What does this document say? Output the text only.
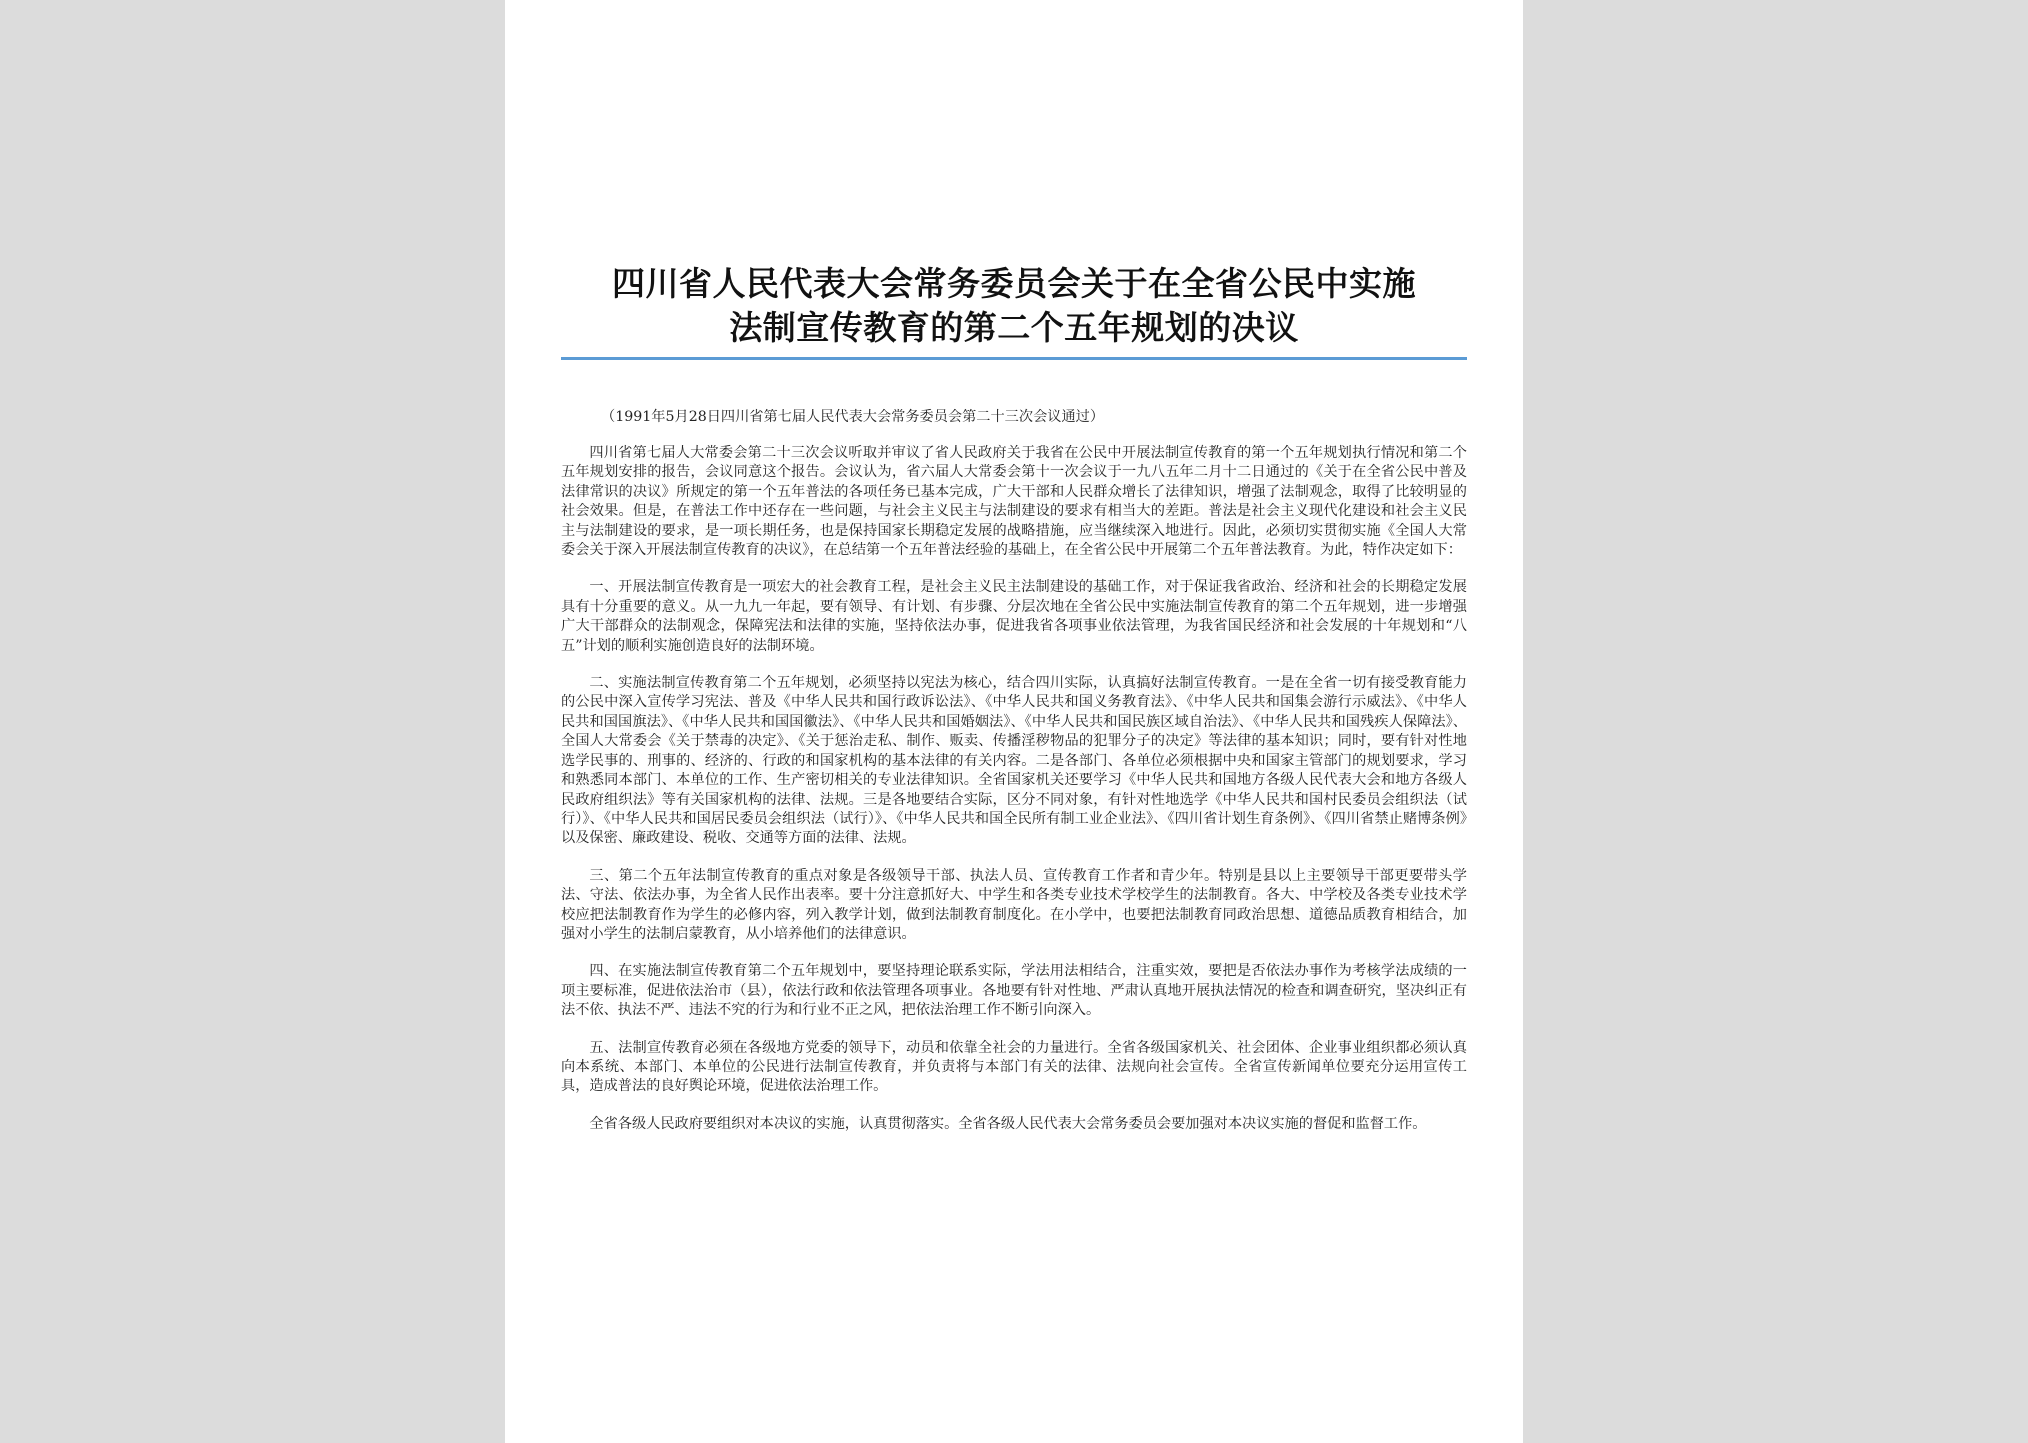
四川省人民代表大会常务委员会关于在全省公民中实施
法制宣传教育的第二个五年规划的决议
（1991年5月28日四川省第七届人民代表大会常务委员会第二十三次会议通过）

四川省第七届人大常委会第二十三次会议听取并审议了省人民政府关于我省在公民中开展法制宣传教育的第一个五年规划执行情况和第二个五年规划安排的报告，会议同意这个报告。会议认为，省六届人大常委会第十一次会议于一九八五年二月十二日通过的《关于在全省公民中普及法律常识的决议》所规定的第一个五年普法的各项任务已基本完成，广大干部和人民群众增长了法律知识，增强了法制观念，取得了比较明显的社会效果。但是，在普法工作中还存在一些问题，与社会主义民主与法制建设的要求有相当大的差距。普法是社会主义现代化建设和社会主义民主与法制建设的要求，是一项长期任务，也是保持国家长期稳定发展的战略措施，应当继续深入地进行。因此，必须切实贯彻实施《全国人大常委会关于深入开展法制宣传教育的决议》，在总结第一个五年普法经验的基础上，在全省公民中开展第二个五年普法教育。为此，特作决定如下：

一、开展法制宣传教育是一项宏大的社会教育工程，是社会主义民主法制建设的基础工作，对于保证我省政治、经济和社会的长期稳定发展具有十分重要的意义。从一九九一年起，要有领导、有计划、有步骤、分层次地在全省公民中实施法制宣传教育的第二个五年规划，进一步增强广大干部群众的法制观念，保障宪法和法律的实施，坚持依法办事，促进我省各项事业依法管理，为我省国民经济和社会发展的十年规划和“八五”计划的顺利实施创造良好的法制环境。

二、实施法制宣传教育第二个五年规划，必须坚持以宪法为核心，结合四川实际，认真搞好法制宣传教育。一是在全省一切有接受教育能力的公民中深入宣传学习宪法、普及《中华人民共和国行政诉讼法》、《中华人民共和国义务教育法》、《中华人民共和国集会游行示威法》、《中华人民共和国国旗法》、《中华人民共和国国徽法》、《中华人民共和国婚姻法》、《中华人民共和国民族区域自治法》、《中华人民共和国残疾人保障法》、全国人大常委会《关于禁毒的决定》、《关于惩治走私、制作、贩卖、传播淫秽物品的犯罪分子的决定》等法律的基本知识；同时，要有针对性地选学民事的、刑事的、经济的、行政的和国家机构的基本法律的有关内容。二是各部门、各单位必须根据中央和国家主管部门的规划要求，学习和熟悉同本部门、本单位的工作、生产密切相关的专业法律知识。全省国家机关还要学习《中华人民共和国地方各级人民代表大会和地方各级人民政府组织法》等有关国家机构的法律、法规。三是各地要结合实际，区分不同对象，有针对性地选学《中华人民共和国村民委员会组织法（试行）》、《中华人民共和国居民委员会组织法（试行）》、《中华人民共和国全民所有制工业企业法》、《四川省计划生育条例》、《四川省禁止赌博条例》以及保密、廉政建设、税收、交通等方面的法律、法规。

三、第二个五年法制宣传教育的重点对象是各级领导干部、执法人员、宣传教育工作者和青少年。特别是县以上主要领导干部更要带头学法、守法、依法办事，为全省人民作出表率。要十分注意抓好大、中学生和各类专业技术学校学生的法制教育。各大、中学校及各类专业技术学校应把法制教育作为学生的必修内容，列入教学计划，做到法制教育制度化。在小学中，也要把法制教育同政治思想、道德品质教育相结合，加强对小学生的法制启蒙教育，从小培养他们的法律意识。

四、在实施法制宣传教育第二个五年规划中，要坚持理论联系实际，学法用法相结合，注重实效，要把是否依法办事作为考核学法成绩的一项主要标准，促进依法治市（县），依法行政和依法管理各项事业。各地要有针对性地、严肃认真地开展执法情况的检查和调查研究，坚决纠正有法不依、执法不严、违法不究的行为和行业不正之风，把依法治理工作不断引向深入。

五、法制宣传教育必须在各级地方党委的领导下，动员和依靠全社会的力量进行。全省各级国家机关、社会团体、企业事业组织都必须认真向本系统、本部门、本单位的公民进行法制宣传教育，并负责将与本部门有关的法律、法规向社会宣传。全省宣传新闻单位要充分运用宣传工具，造成普法的良好舆论环境，促进依法治理工作。

全省各级人民政府要组织对本决议的实施，认真贯彻落实。全省各级人民代表大会常务委员会要加强对本决议实施的督促和监督工作。
